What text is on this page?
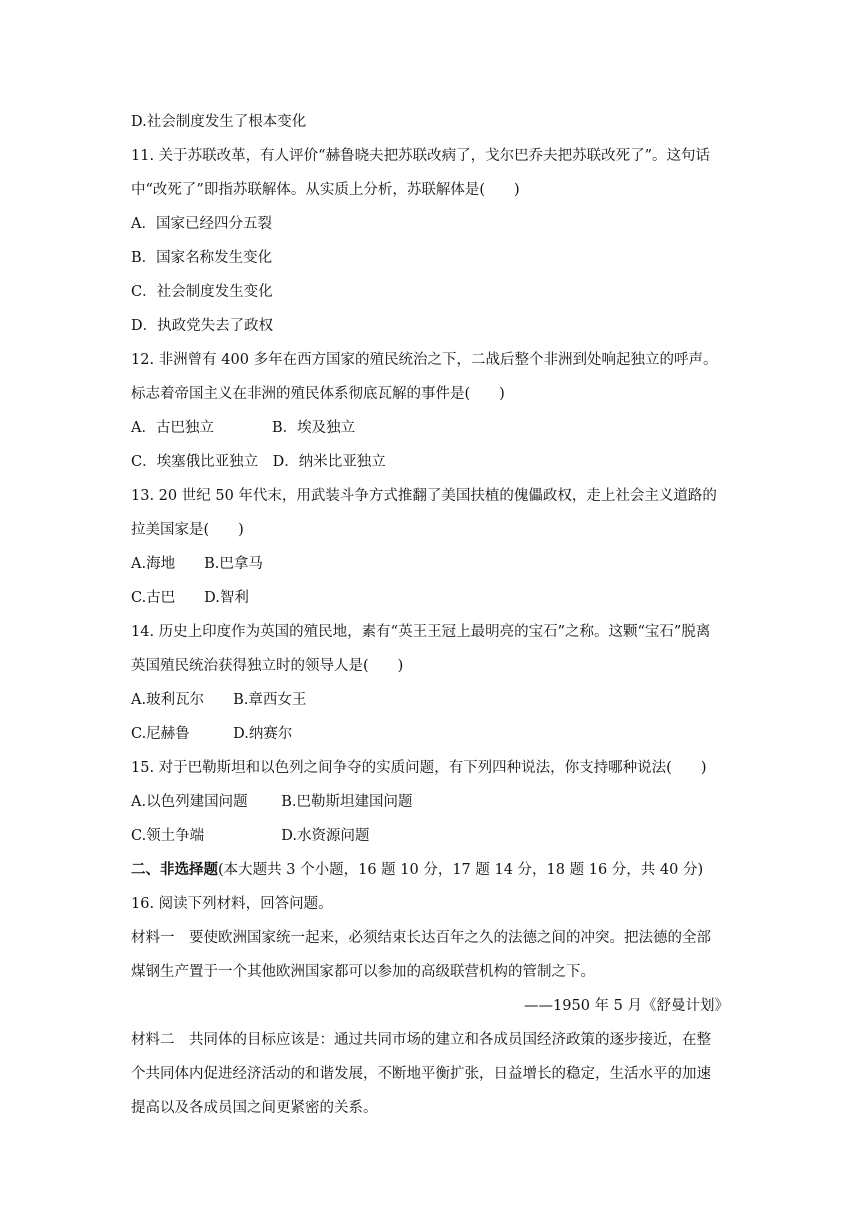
D.社会制度发生了根本变化
11. 关于苏联改革，有人评价“赫鲁晓夫把苏联改病了，戈尔巴乔夫把苏联改死了”。这句话
中“改死了”即指苏联解体。从实质上分析，苏联解体是(　　)
A．国家已经四分五裂
B．国家名称发生变化
C．社会制度发生变化
D．执政党失去了政权
12. 非洲曾有 400 多年在西方国家的殖民统治之下，二战后整个非洲到处响起独立的呼声。
标志着帝国主义在非洲的殖民体系彻底瓦解的事件是(　　)
A．古巴独立　　　　B．埃及独立
C．埃塞俄比亚独立　D．纳米比亚独立
13. 20 世纪 50 年代末，用武装斗争方式推翻了美国扶植的傀儡政权，走上社会主义道路的
拉美国家是(　　)
A.海地　　B.巴拿马
C.古巴　　D.智利
14. 历史上印度作为英国的殖民地，素有“英王王冠上最明亮的宝石”之称。这颗“宝石”脱离
英国殖民统治获得独立时的领导人是(　　)
A.玻利瓦尔　　B.章西女王
C.尼赫鲁　　　D.纳赛尔
15. 对于巴勒斯坦和以色列之间争夺的实质问题，有下列四种说法，你支持哪种说法(　　)
A.以色列建国问题　　 B.巴勒斯坦建国问题
C.领土争端　　　　　 D.水资源问题
二、非选择题(本大题共 3 个小题，16 题 10 分，17 题 14 分，18 题 16 分，共 40 分)
16. 阅读下列材料，回答问题。
材料一　要使欧洲国家统一起来，必须结束长达百年之久的法德之间的冲突。把法德的全部
煤钢生产置于一个其他欧洲国家都可以参加的高级联营机构的管制之下。
——1950 年 5 月《舒曼计划》
材料二　共同体的目标应该是：通过共同市场的建立和各成员国经济政策的逐步接近，在整
个共同体内促进经济活动的和谐发展，不断地平衡扩张，日益增长的稳定，生活水平的加速
提高以及各成员国之间更紧密的关系。
